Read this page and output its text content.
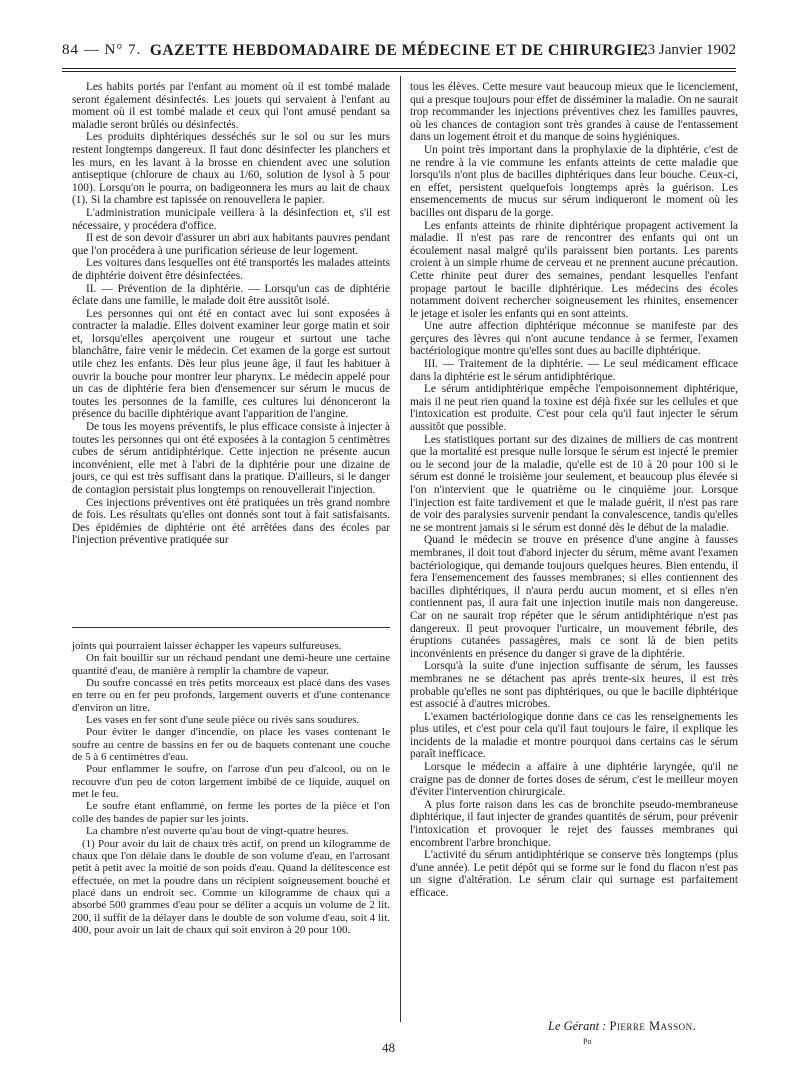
84 — N° 7. GAZETTE HEBDOMADAIRE DE MÉDECINE ET DE CHIRURGIE.
23 Janvier 1902

Les habits portés par l'enfant au moment où il est tombé malade seront également désinfectés. Les jouets qui servaient à l'enfant au moment où il est tombé malade et ceux qui l'ont amusé pendant sa maladie seront brûlés ou désinfectés.

Les produits diphtériques desséchés sur le sol ou sur les murs restent longtemps dangereux. Il faut donc désinfecter les planchers et les murs, en les lavant à la brosse en chiendent avec une solution antiseptique (chlorure de chaux au 1/60, solution de lysol à 5 pour 100). Lorsqu'on le pourra, on badigeonnera les murs au lait de chaux (1). Si la chambre est tapissée on renouvellera le papier.

L'administration municipale veillera à la désinfection et, s'il est nécessaire, y procédera d'office.

Il est de son devoir d'assurer un abri aux habitants pauvres pendant que l'on procédera à une purification sérieuse de leur logement.

Les voitures dans lesquelles ont été transportés les malades atteints de diphtérie doivent être désinfectées.

II. — Prévention de la diphtérie. — Lorsqu'un cas de diphtérie éclate dans une famille, le malade doit être aussitôt isolé.

Les personnes qui ont été en contact avec lui sont exposées à contracter la maladie. Elles doivent examiner leur gorge matin et soir et, lorsqu'elles aperçoivent une rougeur et surtout une tache blanchâtre, faire venir le médecin. Cet examen de la gorge est surtout utile chez les enfants. Dès leur plus jeune âge, il faut les habituer à ouvrir la bouche pour montrer leur pharynx. Le médecin appelé pour un cas de diphtérie fera bien d'ensemencer sur sérum le mucus de toutes les personnes de la famille, ces cultures lui dénonceront la présence du bacille diphtérique avant l'apparition de l'angine.

De tous les moyens préventifs, le plus efficace consiste à injecter à toutes les personnes qui ont été exposées à la contagion 5 centimètres cubes de sérum antidiphtérique. Cette injection ne présente aucun inconvénient, elle met à l'abri de la diphtérie pour une dizaine de jours, ce qui est très suffisant dans la pratique. D'ailleurs, si le danger de contagion persistait plus longtemps on renouvellerait l'injection.

Ces injections préventives ont été pratiquées un très grand nombre de fois. Les résultats qu'elles ont donnés sont tout à fait satisfaisants. Des épidémies de diphtérie ont été arrêtées dans des écoles par l'injection préventive pratiquée sur

joints qui pourraient laisser échapper les vapeurs sulfureuses.

On fait bouillir sur un réchaud pendant une demi-heure une certaine quantité d'eau, de manière à remplir la chambre de vapeur.

Du soufre concassé en très petits morceaux est placé dans des vases en terre ou en fer peu profonds, largement ouverts et d'une contenance d'environ un litre.

Les vases en fer sont d'une seule pièce ou rivés sans soudures.

Pour éviter le danger d'incendie, on place les vases contenant le soufre au centre de bassins en fer ou de baquets contenant une couche de 5 à 6 centimètres d'eau.

Pour enflammer le soufre, on l'arrose d'un peu d'alcool, ou on le recouvre d'un peu de coton largement imbibé de ce liquide, auquel on met le feu.

Le soufre étant enflammé, on ferme les portes de la pièce et l'on colle des bandes de papier sur les joints.

La chambre n'est ouverte qu'au bout de vingt-quatre heures.

(1) Pour avoir du lait de chaux très actif, on prend un kilogramme de chaux que l'on délaie dans le double de son volume d'eau, en l'arrosant petit à petit avec la moitié de son poids d'eau. Quand la délitescence est effectuée, on met la poudre dans un récipient soigneusement bouché et placé dans un endroit sec. Comme un kilogramme de chaux qui a absorbé 500 grammes d'eau pour se déliter a acquis un volume de 2 lit. 200, il suffit de la délayer dans le double de son volume d'eau, soit 4 lit. 400, pour avoir un lait de chaux qui soit environ à 20 pour 100.

tous les élèves. Cette mesure vaut beaucoup mieux que le licenciement, qui a presque toujours pour effet de disséminer la maladie. On ne saurait trop recommander les injections préventives chez les familles pauvres, où les chances de contagion sont très grandes à cause de l'entassement dans un logement étroit et du manque de soins hygiéniques.

Un point très important dans la prophylaxie de la diphtérie, c'est de ne rendre à la vie commune les enfants atteints de cette maladie que lorsqu'ils n'ont plus de bacilles diphtériques dans leur bouche. Ceux-ci, en effet, persistent quelquefois longtemps après la guérison. Les ensemencements de mucus sur sérum indiqueront le moment où les bacilles ont disparu de la gorge.

Les enfants atteints de rhinite diphtérique propagent activement la maladie. Il n'est pas rare de rencontrer des enfants qui ont un écoulement nasal malgré qu'ils paraissent bien portants. Les parents croient à un simple rhume de cerveau et ne prennent aucune précaution. Cette rhinite peut durer des semaines, pendant lesquelles l'enfant propage partout le bacille diphtérique. Les médecins des écoles notamment doivent rechercher soigneusement les rhinites, ensemencer le jetage et isoler les enfants qui en sont atteints.

Une autre affection diphtérique méconnue se manifeste par des gerçures des lèvres qui n'ont aucune tendance à se fermer, l'examen bactériologique montre qu'elles sont dues au bacille diphtérique.

III. — Traitement de la diphtérie. — Le seul médicament efficace dans la diphtérie est le sérum antidiphtérique.

Le sérum antidiphtérique empêche l'empoisonnement diphtérique, mais il ne peut rien quand la toxine est déjà fixée sur les cellules et que l'intoxication est produite. C'est pour cela qu'il faut injecter le sérum aussitôt que possible.

Les statistiques portant sur des dizaines de milliers de cas montrent que la mortalité est presque nulle lorsque le sérum est injecté le premier ou le second jour de la maladie, qu'elle est de 10 à 20 pour 100 si le sérum est donné le troisième jour seulement, et beaucoup plus élevée si l'on n'intervient que le quatrième ou le cinquième jour. Lorsque l'injection est faite tardivement et que le malade guérit, il n'est pas rare de voir des paralysies survenir pendant la convalescence, tandis qu'elles ne se montrent jamais si le sérum est donné dès le début de la maladie.

Quand le médecin se trouve en présence d'une angine à fausses membranes, il doit tout d'abord injecter du sérum, même avant l'examen bactériologique, qui demande toujours quelques heures. Bien entendu, il fera l'ensemencement des fausses membranes; si elles contiennent des bacilles diphtériques, il n'aura perdu aucun moment, et si elles n'en contiennent pas, il aura fait une injection inutile mais non dangereuse. Car on ne saurait trop répéter que le sérum antidiphtérique n'est pas dangereux. Il peut provoquer l'urticaire, un mouvement fébrile, des éruptions cutanées passagères, mais ce sont là de bien petits inconvénients en présence du danger si grave de la diphtérie.

Lorsqu'à la suite d'une injection suffisante de sérum, les fausses membranes ne se détachent pas après trente-six heures, il est très probable qu'elles ne sont pas diphtériques, ou que le bacille diphtérique est associé à d'autres microbes.

L'examen bactériologique donne dans ce cas les renseignements les plus utiles, et c'est pour cela qu'il faut toujours le faire, il explique les incidents de la maladie et montre pourquoi dans certains cas le sérum paraît inefficace.

Lorsque le médecin a affaire à une diphtérie laryngée, qu'il ne craigne pas de donner de fortes doses de sérum, c'est le meilleur moyen d'éviter l'intervention chirurgicale.

A plus forte raison dans les cas de bronchite pseudo-membraneuse diphtérique, il faut injecter de grandes quantités de sérum, pour prévenir l'intoxication et provoquer le rejet des fausses membranes qui encombrent l'arbre bronchique.

L'activité du sérum antidiphtérique se conserve très longtemps (plus d'une année). Le petit dépôt qui se forme sur le fond du flacon n'est pas un signe d'altération. Le sérum clair qui surnage est parfaitement efficace.

Le Gérant : Pierre Masson.
48	Po
